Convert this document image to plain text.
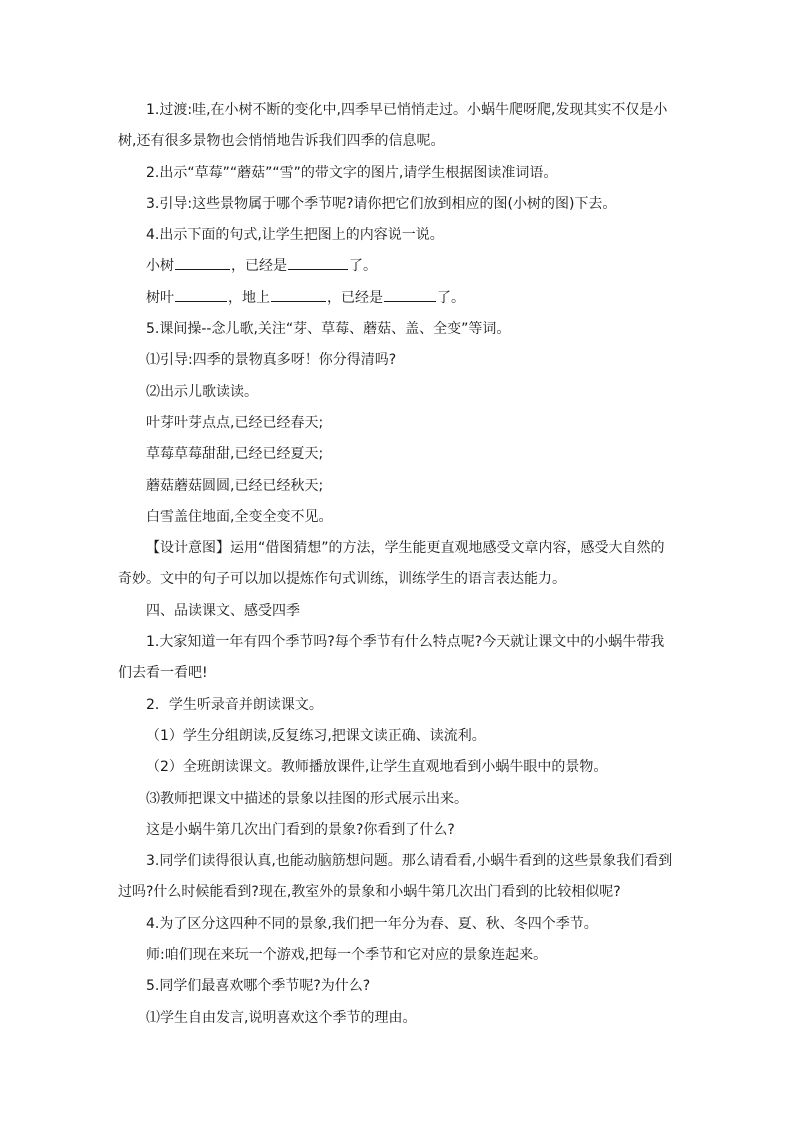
1.过渡:哇,在小树不断的变化中,四季早已悄悄走过。小蜗牛爬呀爬,发现其实不仅是小

树,还有很多景物也会悄悄地告诉我们四季的信息呢。

2.出示“草莓”“蘑菇”“雪”的带文字的图片,请学生根据图读准词语。

3.引导:这些景物属于哪个季节呢?请你把它们放到相应的图(小树的图)下去。

4.出示下面的句式,让学生把图上的内容说一说。

小树	，已经是	了。

树叶	，地上	，已经是	了。

5.课间操--念儿歌,关注“芽、草莓、蘑菇、盖、全变”等词。

⑴引导:四季的景物真多呀！你分得清吗?

⑵出示儿歌读读。

叶芽叶芽点点,已经已经春天;

草莓草莓甜甜,已经已经夏天;

蘑菇蘑菇圆圆,已经已经秋天;

白雪盖住地面,全变全变不见。

【设计意图】运用“借图猜想”的方法，学生能更直观地感受文章内容，感受大自然的

奇妙。文中的句子可以加以提炼作句式训练，训练学生的语言表达能力。

四、品读课文、感受四季

1.大家知道一年有四个季节吗?每个季节有什么特点呢?今天就让课文中的小蜗牛带我

们去看一看吧!

2．学生听录音并朗读课文。

（1）学生分组朗读,反复练习,把课文读正确、读流利。

（2）全班朗读课文。教师播放课件,让学生直观地看到小蜗牛眼中的景物。

⑶教师把课文中描述的景象以挂图的形式展示出来。

这是小蜗牛第几次出门看到的景象?你看到了什么?

3.同学们读得很认真,也能动脑筋想问题。那么请看看,小蜗牛看到的这些景象我们看到

过吗?什么时候能看到?现在,教室外的景象和小蜗牛第几次出门看到的比较相似呢?

4.为了区分这四种不同的景象,我们把一年分为春、夏、秋、冬四个季节。

师:咱们现在来玩一个游戏,把每一个季节和它对应的景象连起来。

5.同学们最喜欢哪个季节呢?为什么?

⑴学生自由发言,说明喜欢这个季节的理由。
